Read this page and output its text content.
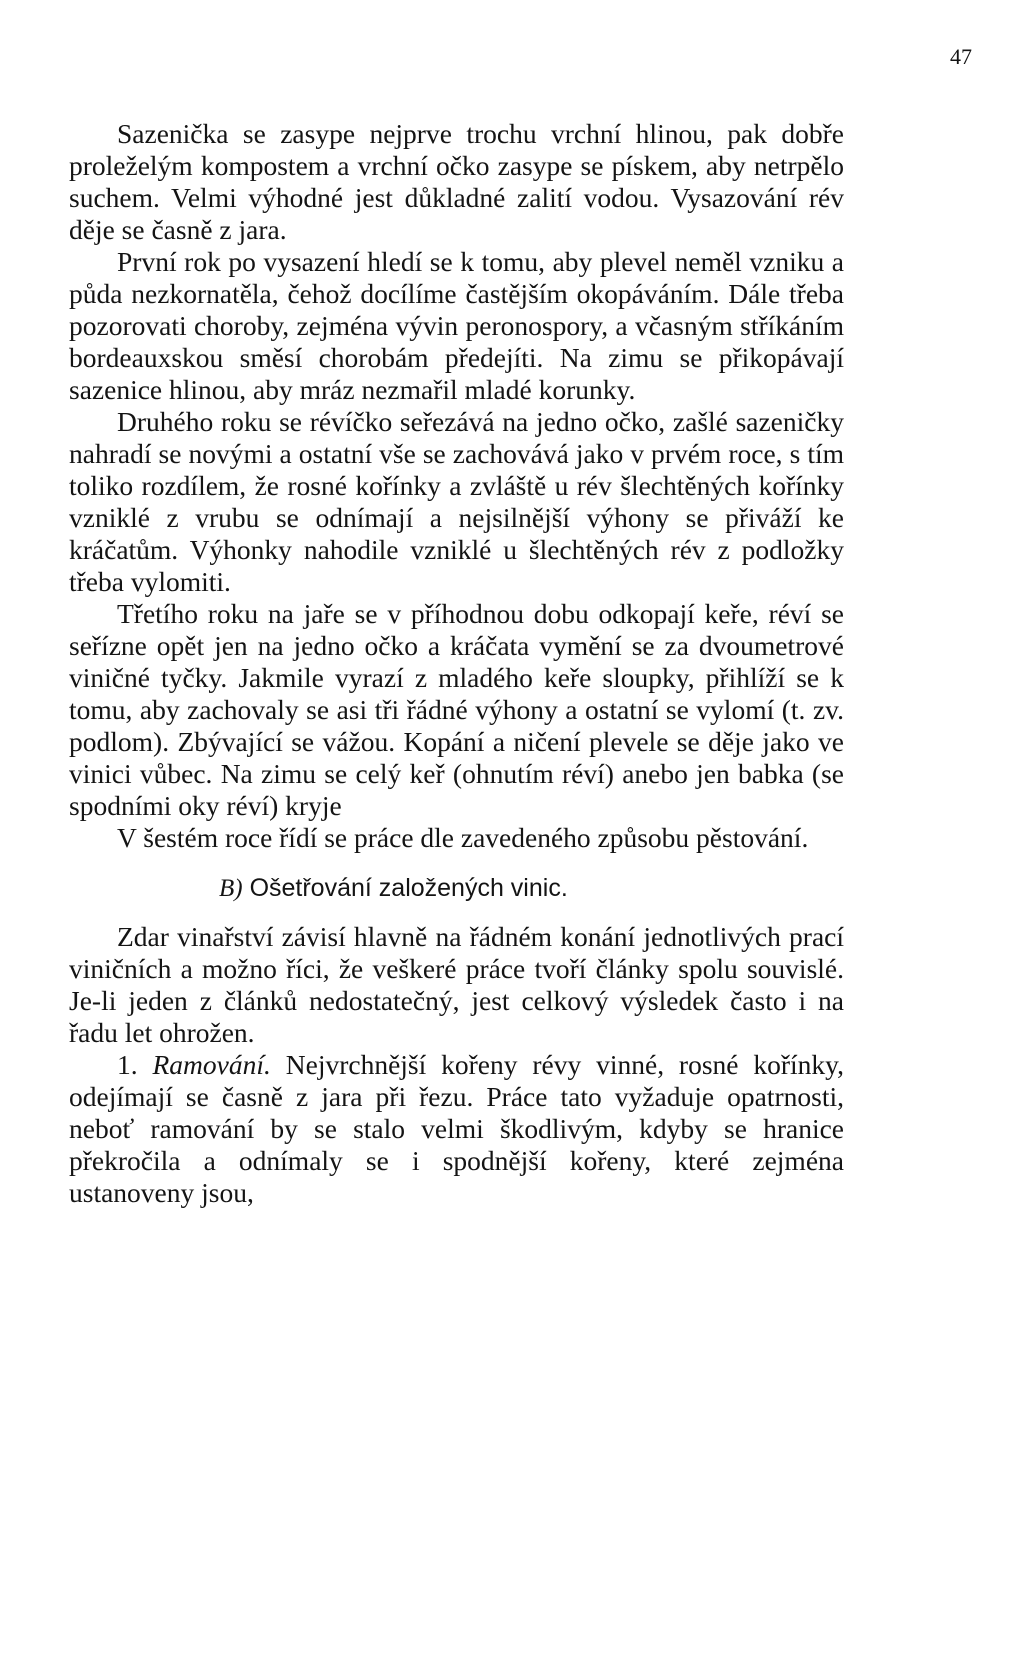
47

Sazenička se zasype nejprve trochu vrchní hlinou, pak dobře proleželým kompostem a vrchní očko zasype se pískem, aby netrpělo suchem. Velmi výhodné jest důkladné zalití vodou. Vysazování rév děje se časně z jara.

První rok po vysazení hledí se k tomu, aby plevel neměl vzniku a půda nezkornatěla, čehož docílíme častějším okopáváním. Dále třeba pozorovati choroby, zejména vývin peronospory, a včasným stříkáním bordeauxskou směsí chorobám předejíti. Na zimu se přikopávají sazenice hlinou, aby mráz nezmařil mladé korunky.

Druhého roku se révíčko seřezává na jedno očko, zašlé sazeničky nahradí se novými a ostatní vše se zachovává jako v prvém roce, s tím toliko rozdílem, že rosné kořínky a zvláště u rév šlechtěných kořínky vzniklé z vrubu se odnímají a nejsilnější výhony se přiváží ke kráčatům. Výhonky nahodile vzniklé u šlechtěných rév z podložky třeba vylomiti.

Třetího roku na jaře se v příhodnou dobu odkopají keře, réví se seřízne opět jen na jedno očko a kráčata vymění se za dvoumetrové viničné tyčky. Jakmile vyrazí z mladého keře sloupky, přihlíží se k tomu, aby zachovaly se asi tři řádné výhony a ostatní se vylomí (t. zv. podlom). Zbývající se vážou. Kopání a ničení plevele se děje jako ve vinici vůbec. Na zimu se celý keř (ohnutím réví) anebo jen babka (se spodními oky réví) kryje

V šestém roce řídí se práce dle zavedeného způsobu pěstování.

B) Ošetřování založených vinic.

Zdar vinařství závisí hlavně na řádném konání jednotlivých prací viničních a možno říci, že veškeré práce tvoří články spolu souvislé. Je-li jeden z článků nedostatečný, jest celkový výsledek často i na řadu let ohrožen.

1. Ramování. Nejvrchnější kořeny révy vinné, rosné kořínky, odejímají se časně z jara při řezu. Práce tato vyžaduje opatrnosti, neboť ramování by se stalo velmi škodlivým, kdyby se hranice překročila a odnímaly se i spodnější kořeny, které zejména ustanoveny jsou,
